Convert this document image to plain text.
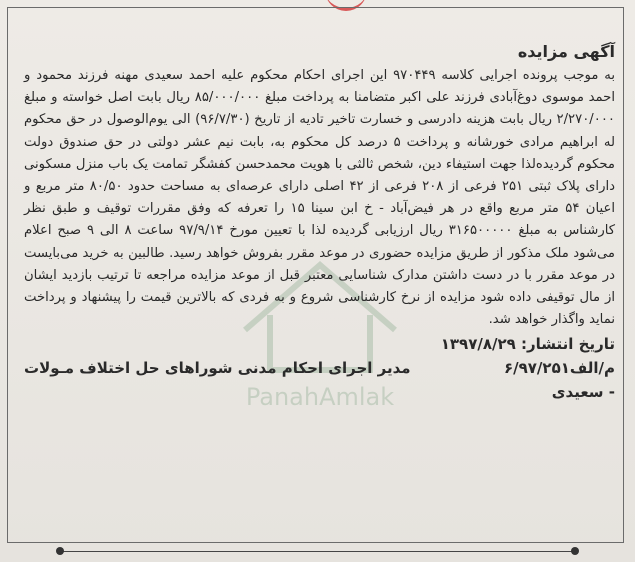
PanahAmlak
آگهی مزایده

به موجب پرونده اجرایی کلاسه ۹۷۰۴۴۹ این اجرای احکام محکوم علیه احمد سعیدی مهنه فرزند محمود و احمد موسوی دوغ‌آبادی فرزند علی اکبر متضامنا به پرداخت مبلغ ۸۵/۰۰۰/۰۰۰ ریال بابت اصل خواسته و مبلغ ۲/۲۷۰/۰۰۰ ریال بابت هزینه دادرسی و خسارت تاخیر تادیه از تاریخ (۹۶/۷/۳۰) الی یوم‌الوصول در حق محکوم له ابراهیم مرادی خورشانه و پرداخت ۵ درصد کل محکوم به، بابت نیم عشر دولتی در حق صندوق دولت محکوم گردیده‌لذا جهت استیفاء دین، شخص ثالثی با هویت محمدحسن کفشگر تمامت یک باب منزل مسکونی دارای پلاک ثبتی ۲۵۱ فرعی از ۲۰۸ فرعی از ۴۲ اصلی دارای عرصه‌ای به مساحت حدود ۸۰/۵۰ متر مربع و اعیان ۵۴ متر مربع واقع در هر فیض‌آباد - خ ابن سینا ۱۵ را تعرفه که وفق مقررات توقیف و طبق نظر کارشناس به مبلغ ۳۱۶۵۰۰۰۰۰ ریال ارزیابی گردیده لذا با تعیین مورخ ۹۷/۹/۱۴ ساعت ۸ الی ۹ صبح اعلام می‌شود ملک مذکور از طریق مزایده حضوری در موعد مقرر بفروش خواهد رسید. طالبین به خرید می‌بایست در موعد مقرر با در دست داشتن مدارک شناسایی معتبر قبل از موعد مزایده مراجعه تا ترتیب بازدید ایشان از مال توقیفی داده شود مزایده از نرخ کارشناسی شروع و به فردی که بالاترین قیمت را پیشنهاد و پرداخت نماید واگذار خواهد شد.

تاریخ انتشار: ۱۳۹۷/۸/۲۹
م/الف۶/۹۷/۲۵۱
مدیر اجرای احکام مدنی شوراهای حل اختلاف مـولات
- سعیدی
